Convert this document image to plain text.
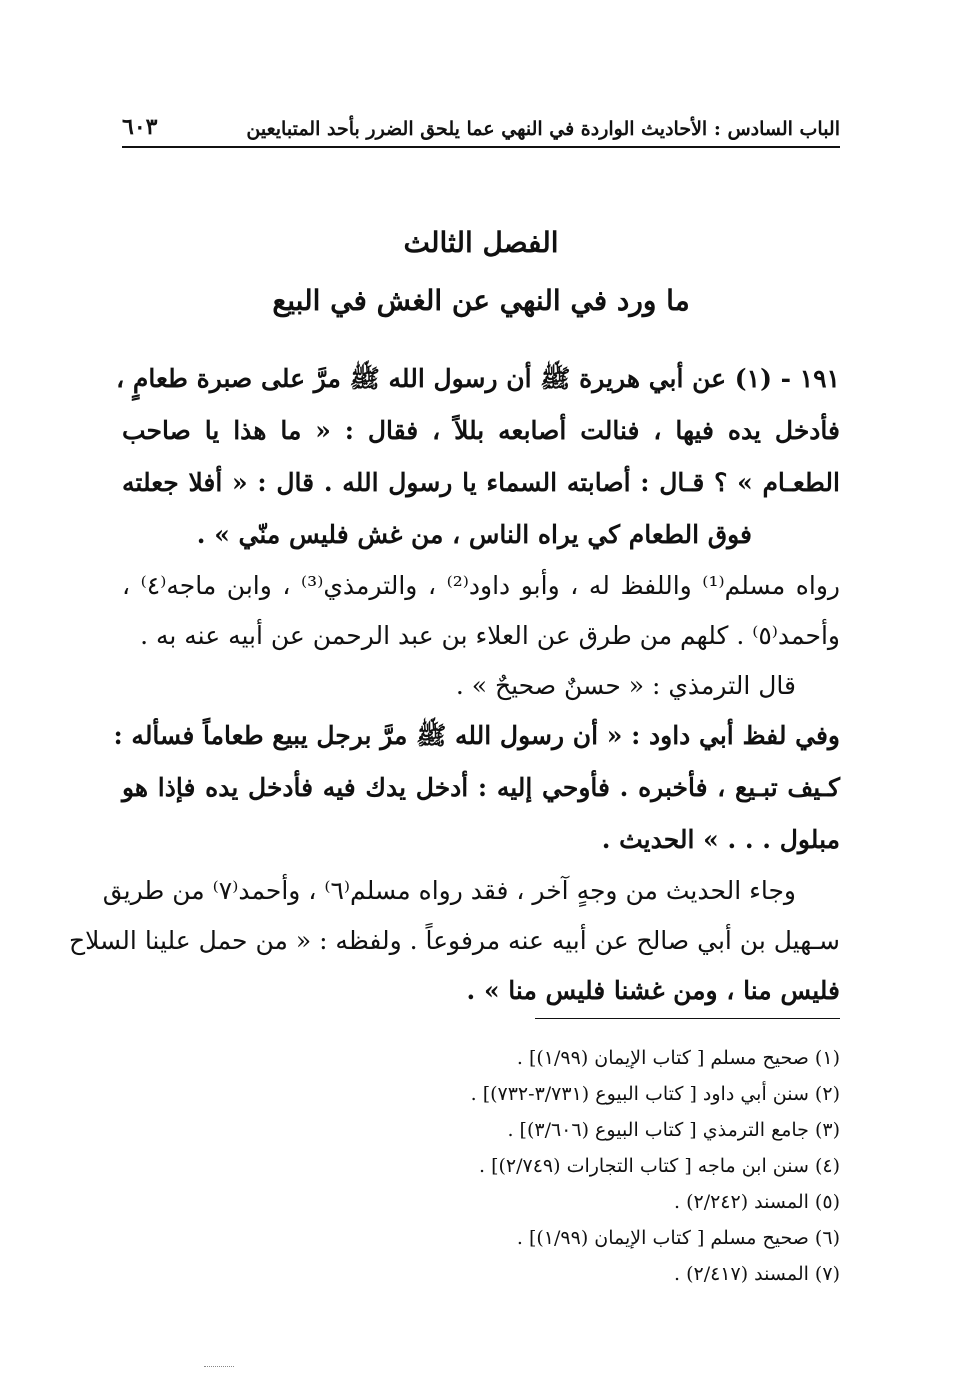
الباب السادس : الأحاديث الواردة في النهي عما يلحق الضرر بأحد المتبايعين
٦٠٣
الفصل الثالث
ما ورد في النهي عن الغش في البيع
١٩١ - (١) عن أبي هريرة ﷺ أن رسول الله ﷺ مرَّ على صبرة طعامٍ ،
فأدخل يده فيها ، فنالت أصابعه بللاً ، فقال : « ما هذا يا صاحب
الطعـام » ؟ قـال : أصابته السماء يا رسول الله . قال : « أفلا جعلته
فوق الطعام كي يراه الناس ، من غش فليس منّي » .
رواه مسلم⁽¹⁾ واللفظ له ، وأبو داود⁽²⁾ ، والترمذي⁽³⁾ ، وابن ماجه⁽٤⁾ ،
وأحمد⁽٥⁾ . كلهم من طرق عن العلاء بن عبد الرحمن عن أبيه عنه به .
قال الترمذي : « حسنٌ صحيحٌ » .
وفي لفظ أبي داود : « أن رسول الله ﷺ مرَّ برجل يبيع طعاماً فسأله :
كـيف تبـيع ، فأخبره . فأوحي إليه : أدخل يدك فيه فأدخل يده فإذا هو
مبلول . . . » الحديث .
وجاء الحديث من وجهٍ آخر ، فقد رواه مسلم⁽٦⁾ ، وأحمد⁽٧⁾ من طريق
سـهيل بن أبي صالح عن أبيه عنه مرفوعاً . ولفظه : « من حمل علينا السلاح
فليس منا ، ومن غشنا فليس منا » .
(١) صحيح مسلم [ كتاب الإيمان (١/٩٩)] .
(٢) سنن أبي داود [ كتاب البيوع (٣/٧٣١-٧٣٢)] .
(٣) جامع الترمذي [ كتاب البيوع (٣/٦٠٦)] .
(٤) سنن ابن ماجه [ كتاب التجارات (٢/٧٤٩)] .
(٥) المسند (٢/٢٤٢) .
(٦) صحيح مسلم [ كتاب الإيمان (١/٩٩)] .
(٧) المسند (٢/٤١٧) .
